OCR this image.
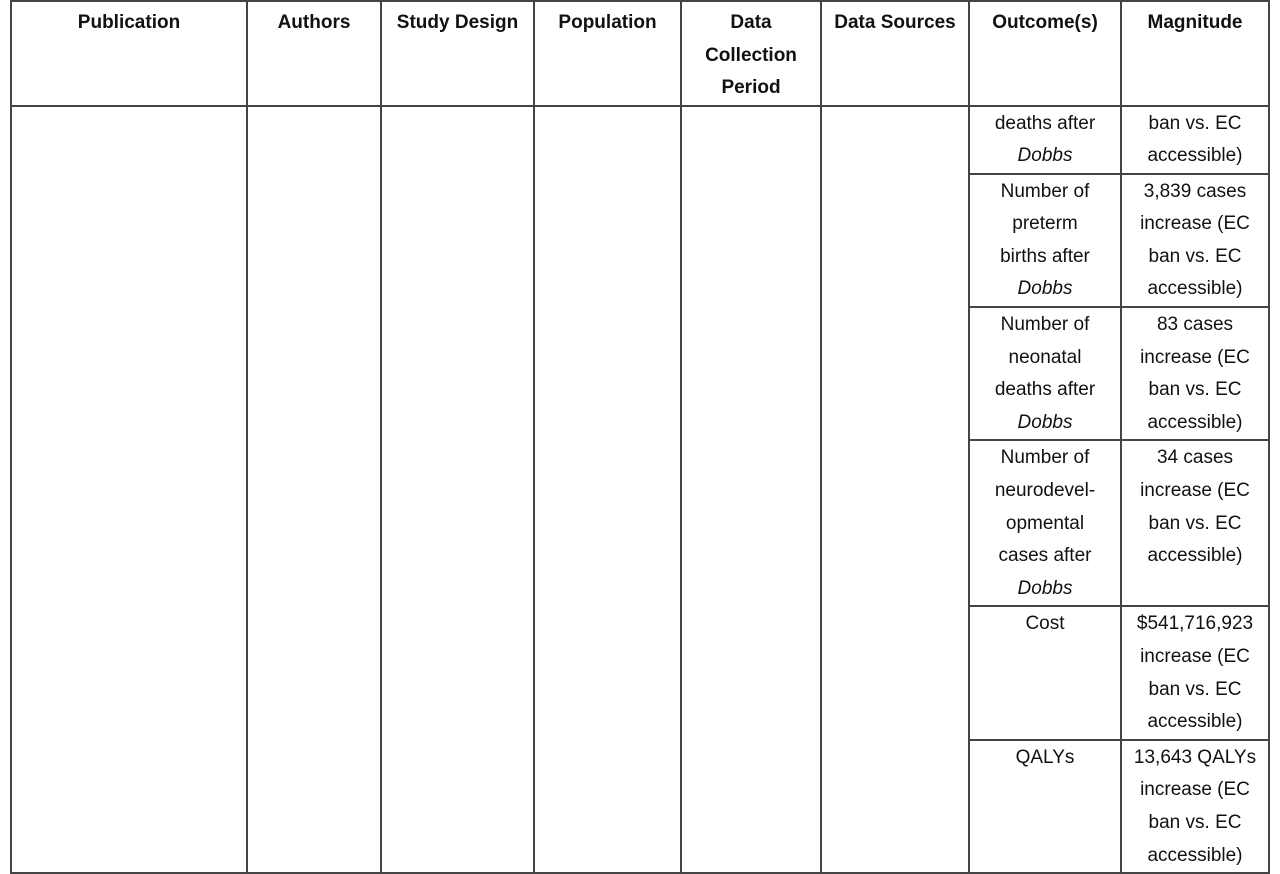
Publication	Authors	Study Design	Population	Data
Collection
Period	Data Sources	Outcome(s)	Magnitude

						deaths after
Dobbs	ban vs. EC
accessible)

						Number of
preterm
births after
Dobbs	3,839 cases
increase (EC
ban vs. EC
accessible)

						Number of
neonatal
deaths after
Dobbs	83 cases
increase (EC
ban vs. EC
accessible)

						Number of
neurodevel-
opmental
cases after
Dobbs	34 cases
increase (EC
ban vs. EC
accessible)

						Cost	$541,716,923
increase (EC
ban vs. EC
accessible)

						QALYs	13,643 QALYs
increase (EC
ban vs. EC
accessible)
